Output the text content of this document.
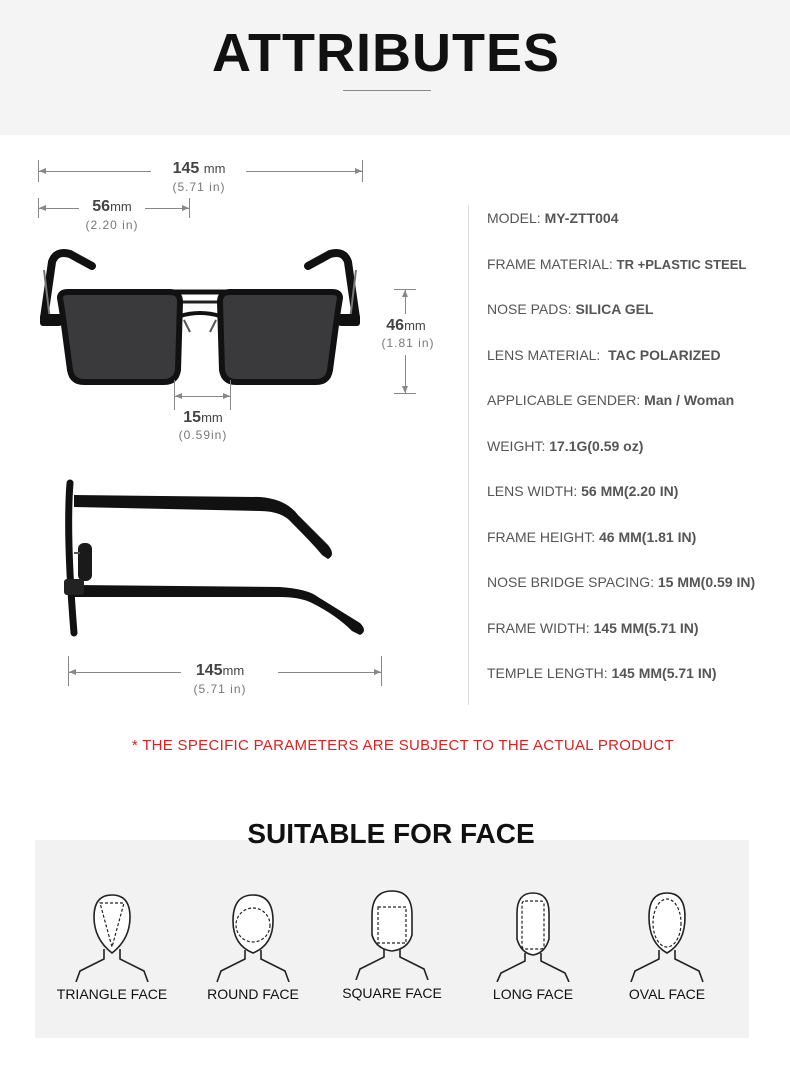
ATTRIBUTES
145 mm
(5.71 in)
56mm
(2.20 in)
46mm
(1.81 in)
15mm
(0.59in)
145mm
(5.71 in)
MODEL: MY-ZTT004
FRAME MATERIAL: TR +PLASTIC STEEL
NOSE PADS: SILICA GEL
LENS MATERIAL:  TAC POLARIZED
APPLICABLE GENDER: Man / Woman
WEIGHT: 17.1G(0.59 oz)
LENS WIDTH: 56 MM(2.20 IN)
FRAME HEIGHT: 46 MM(1.81 IN)
NOSE BRIDGE SPACING: 15 MM(0.59 IN)
FRAME WIDTH: 145 MM(5.71 IN)
TEMPLE LENGTH: 145 MM(5.71 IN)
* THE SPECIFIC PARAMETERS ARE SUBJECT TO THE ACTUAL PRODUCT
SUITABLE FOR FACE
TRIANGLE FACE	ROUND FACE	SQUARE FACE	LONG FACE	OVAL FACE
